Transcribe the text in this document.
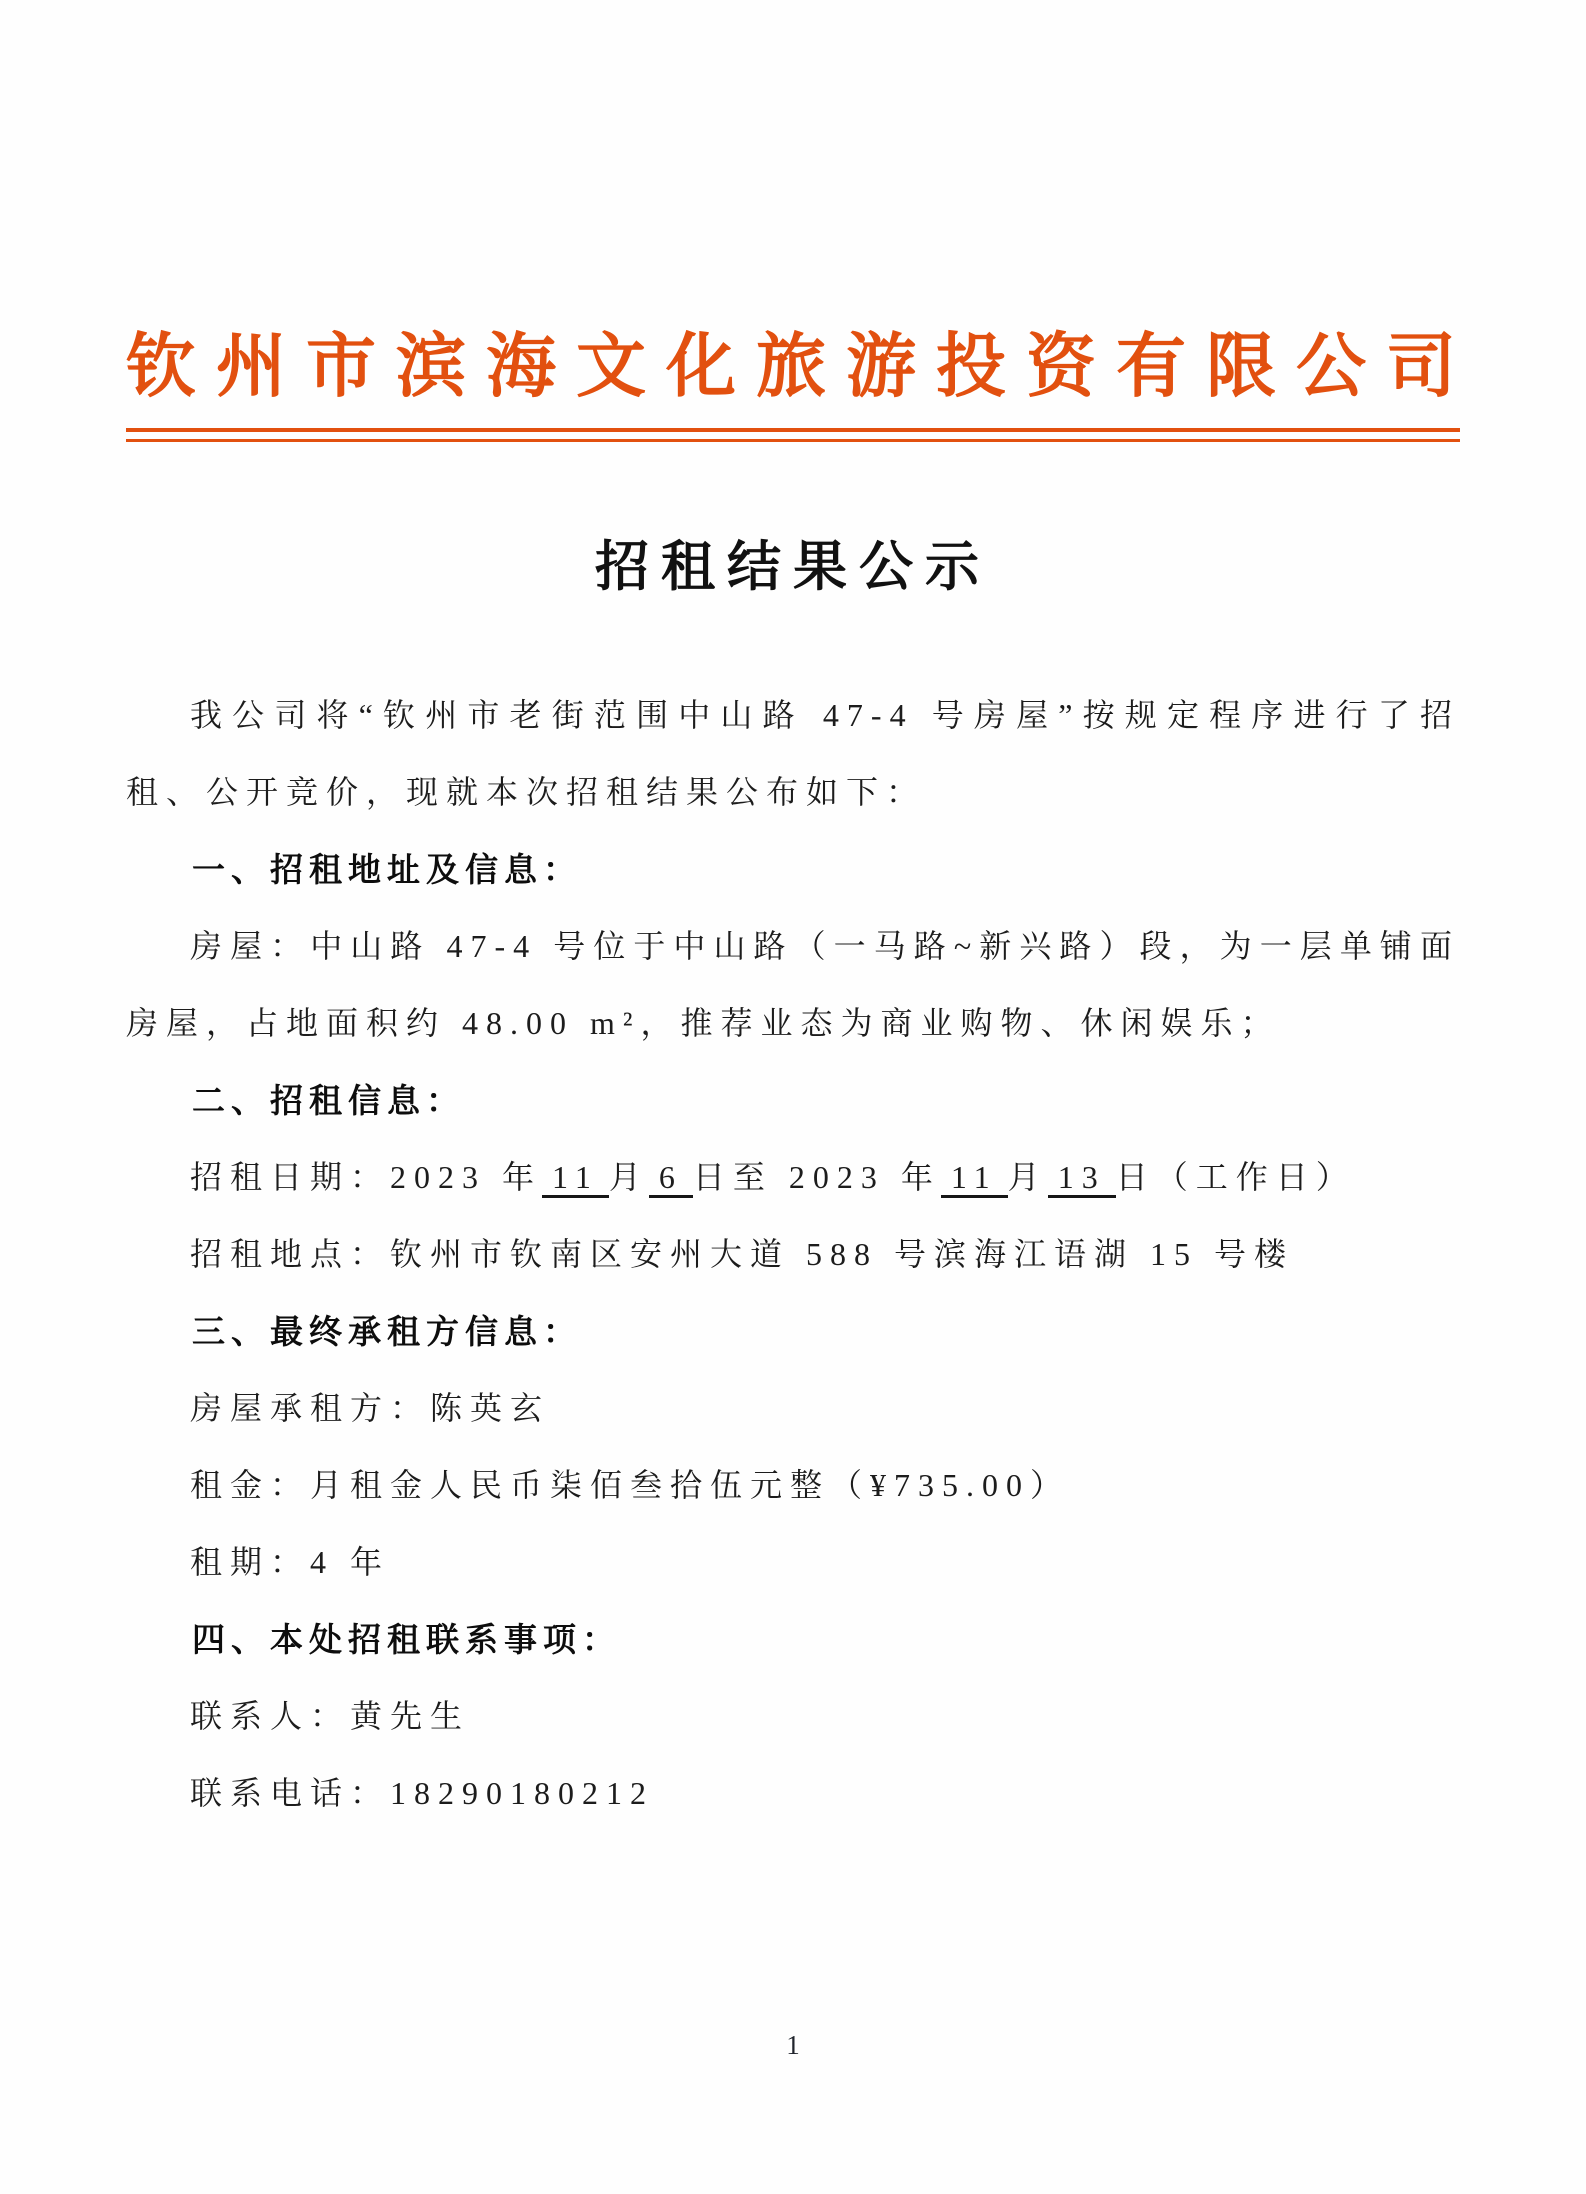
钦州市滨海文化旅游投资有限公司
招租结果公示

我公司将“钦州市老街范围中山路 47-4 号房屋”按规定程序进行了招租、公开竞价，现就本次招租结果公布如下：

一、招租地址及信息：

房屋：中山路 47-4 号位于中山路（一马路~新兴路）段，为一层单铺面房屋，占地面积约 48.00 m²，推荐业态为商业购物、休闲娱乐；

二、招租信息：

招租日期：2023 年 11 月 6 日至 2023 年 11 月 13 日（工作日）

招租地点：钦州市钦南区安州大道 588 号滨海江语湖 15 号楼

三、最终承租方信息：

房屋承租方：陈英玄

租金：月租金人民币柒佰叁拾伍元整（¥735.00）

租期：4 年

四、本处招租联系事项：

联系人：黄先生

联系电话：18290180212

1
